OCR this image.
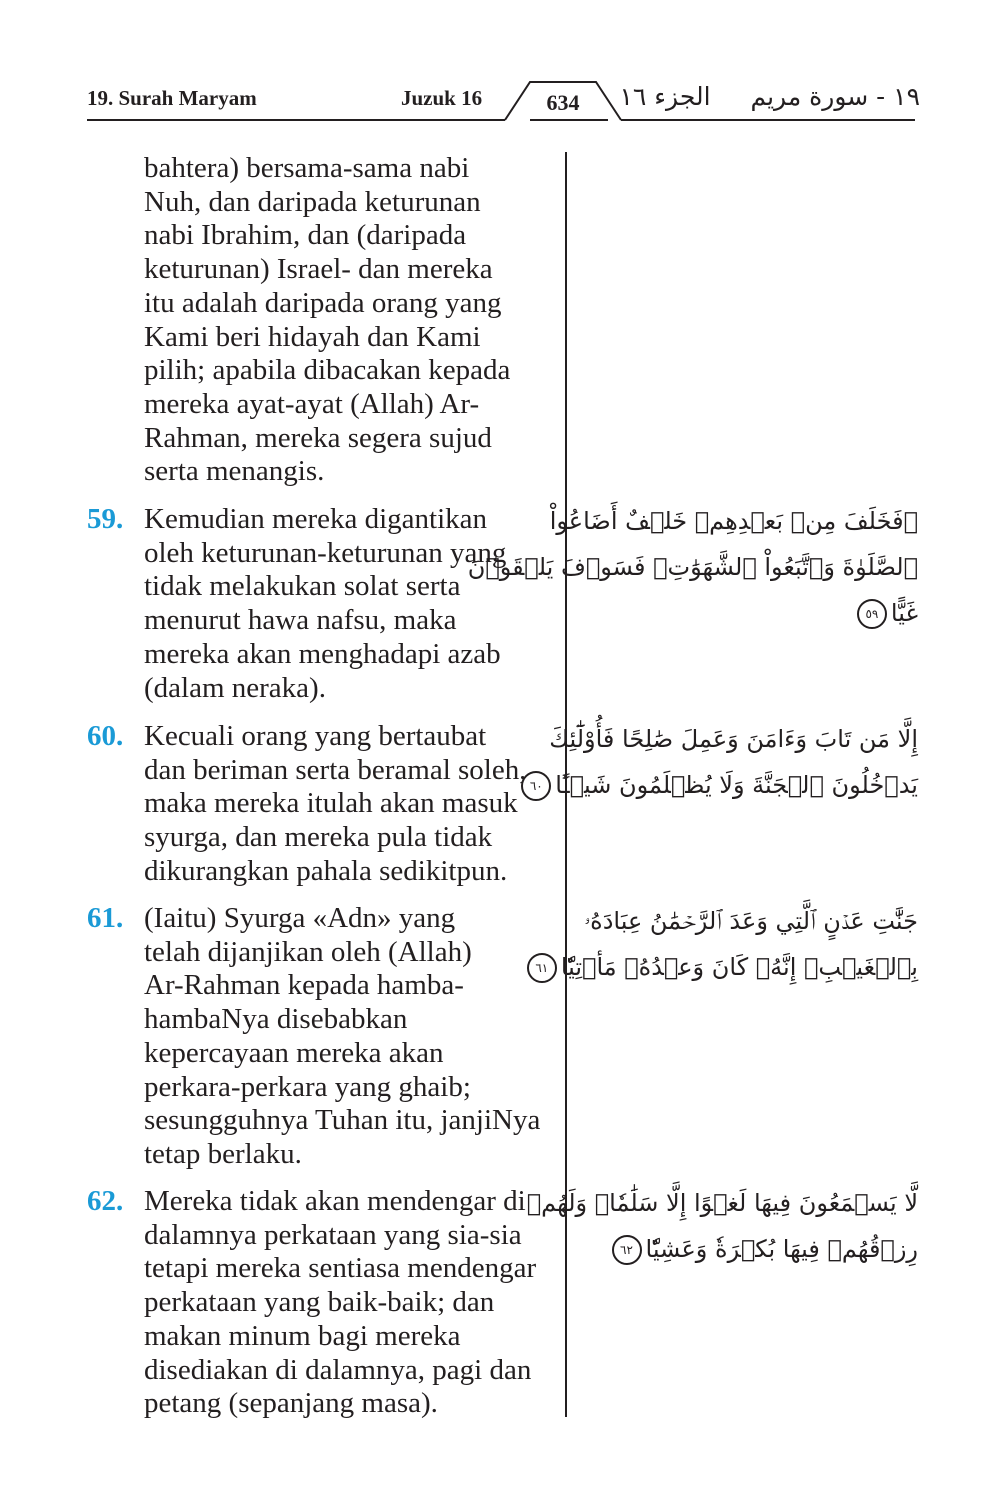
19. Surah Maryam	Juzuk 16	634	الجزء ١٦	١٩ - سورة مريم
bahtera) bersama-sama nabi
Nuh, dan daripada keturunan
nabi Ibrahim, dan (daripada
keturunan) Israel- dan mereka
itu adalah daripada orang yang
Kami beri hidayah dan Kami
pilih; apabila dibacakan kepada
mereka ayat-ayat (Allah) Ar-
Rahman, mereka segera sujud
serta menangis.
59. Kemudian mereka digantikan
oleh keturunan-keturunan yang
tidak melakukan solat serta
menurut hawa nafsu, maka
mereka akan menghadapi azab
(dalam neraka).
۞فَخَلَفَ مِنۢ بَعۡدِهِمۡ خَلۡفٌ أَضَاعُواْ
ٱلصَّلَوٰةَ وَٱتَّبَعُواْ ٱلشَّهَوَٰتِۖ فَسَوۡفَ يَلۡقَوۡنَ
غَيًّا٥٩
60. Kecuali orang yang bertaubat
dan beriman serta beramal soleh,
maka mereka itulah akan masuk
syurga, dan mereka pula tidak
dikurangkan pahala sedikitpun.
إِلَّا مَن تَابَ وَءَامَنَ وَعَمِلَ صَٰلِحًا فَأُوْلَٰٓئِكَ
يَدۡخُلُونَ ٱلۡجَنَّةَ وَلَا يُظۡلَمُونَ شَيۡـًٔا٦٠
61. (Iaitu) Syurga «Adn» yang
telah dijanjikan oleh (Allah)
Ar-Rahman kepada hamba-
hambaNya disebabkan
kepercayaan mereka akan
perkara-perkara yang ghaib;
sesungguhnya Tuhan itu, janjiNya
tetap berlaku.
جَنَّٰتِ عَدۡنٍ ٱلَّتِي وَعَدَ ٱلرَّحۡمَٰنُ عِبَادَهُۥ
بِٱلۡغَيۡبِۚ إِنَّهُۥ كَانَ وَعۡدُهُۥ مَأۡتِيّٗا٦١
62. Mereka tidak akan mendengar di
dalamnya perkataan yang sia-sia
tetapi mereka sentiasa mendengar
perkataan yang baik-baik; dan
makan minum bagi mereka
disediakan di dalamnya, pagi dan
petang (sepanjang masa).
لَّا يَسۡمَعُونَ فِيهَا لَغۡوًا إِلَّا سَلَٰمٗاۖ وَلَهُمۡ
رِزۡقُهُمۡ فِيهَا بُكۡرَةٗ وَعَشِيّٗا٦٢
